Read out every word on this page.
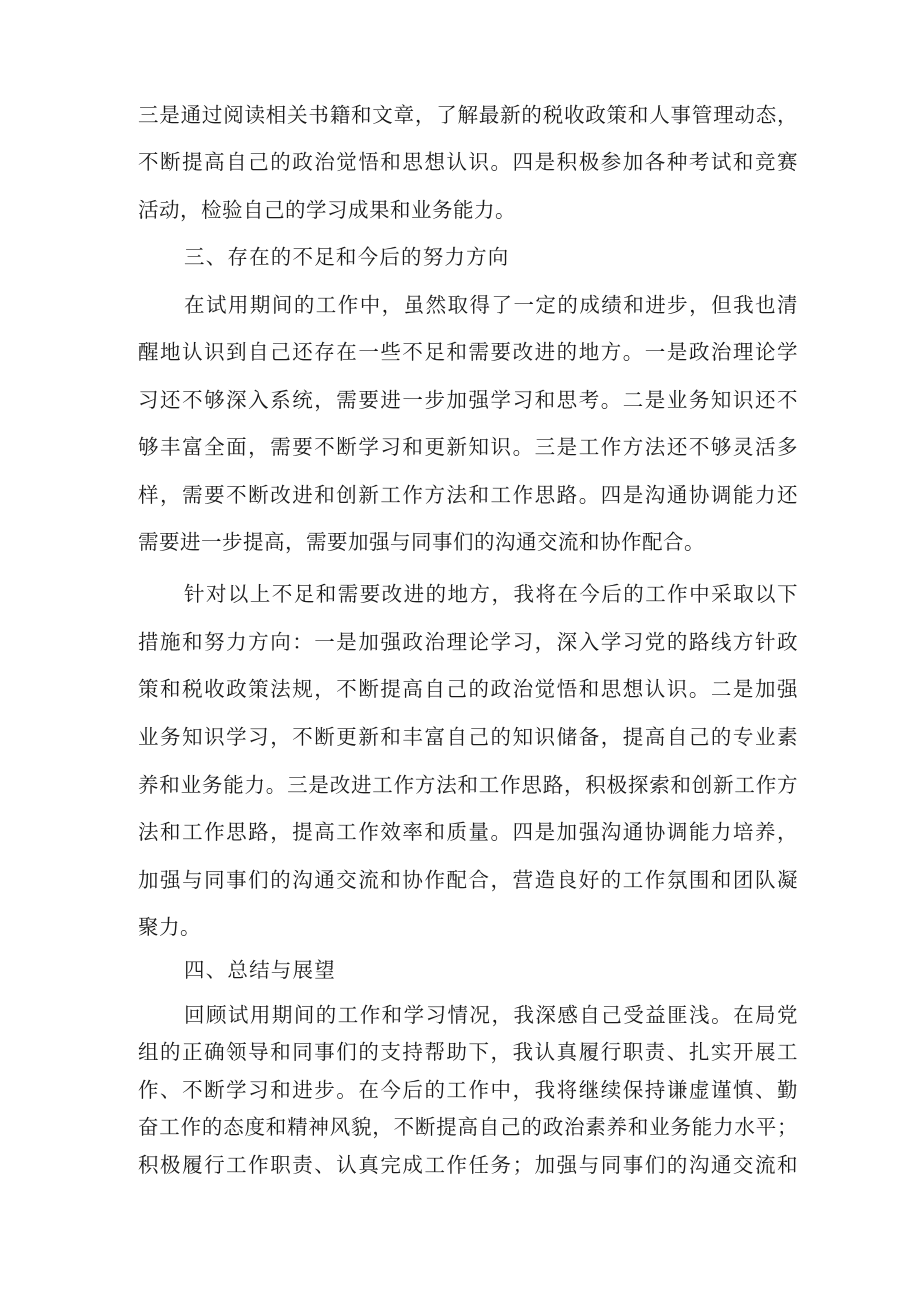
三是通过阅读相关书籍和文章，了解最新的税收政策和人事管理动态，
不断提高自己的政治觉悟和思想认识。四是积极参加各种考试和竞赛
活动，检验自己的学习成果和业务能力。
三、存在的不足和今后的努力方向
在试用期间的工作中，虽然取得了一定的成绩和进步，但我也清
醒地认识到自己还存在一些不足和需要改进的地方。一是政治理论学
习还不够深入系统，需要进一步加强学习和思考。二是业务知识还不
够丰富全面，需要不断学习和更新知识。三是工作方法还不够灵活多
样，需要不断改进和创新工作方法和工作思路。四是沟通协调能力还
需要进一步提高，需要加强与同事们的沟通交流和协作配合。
针对以上不足和需要改进的地方，我将在今后的工作中采取以下
措施和努力方向：一是加强政治理论学习，深入学习党的路线方针政
策和税收政策法规，不断提高自己的政治觉悟和思想认识。二是加强
业务知识学习，不断更新和丰富自己的知识储备，提高自己的专业素
养和业务能力。三是改进工作方法和工作思路，积极探索和创新工作方
法和工作思路，提高工作效率和质量。四是加强沟通协调能力培养，
加强与同事们的沟通交流和协作配合，营造良好的工作氛围和团队凝
聚力。
四、总结与展望
回顾试用期间的工作和学习情况，我深感自己受益匪浅。在局党
组的正确领导和同事们的支持帮助下，我认真履行职责、扎实开展工
作、不断学习和进步。在今后的工作中，我将继续保持谦虚谨慎、勤
奋工作的态度和精神风貌，不断提高自己的政治素养和业务能力水平；
积极履行工作职责、认真完成工作任务；加强与同事们的沟通交流和
